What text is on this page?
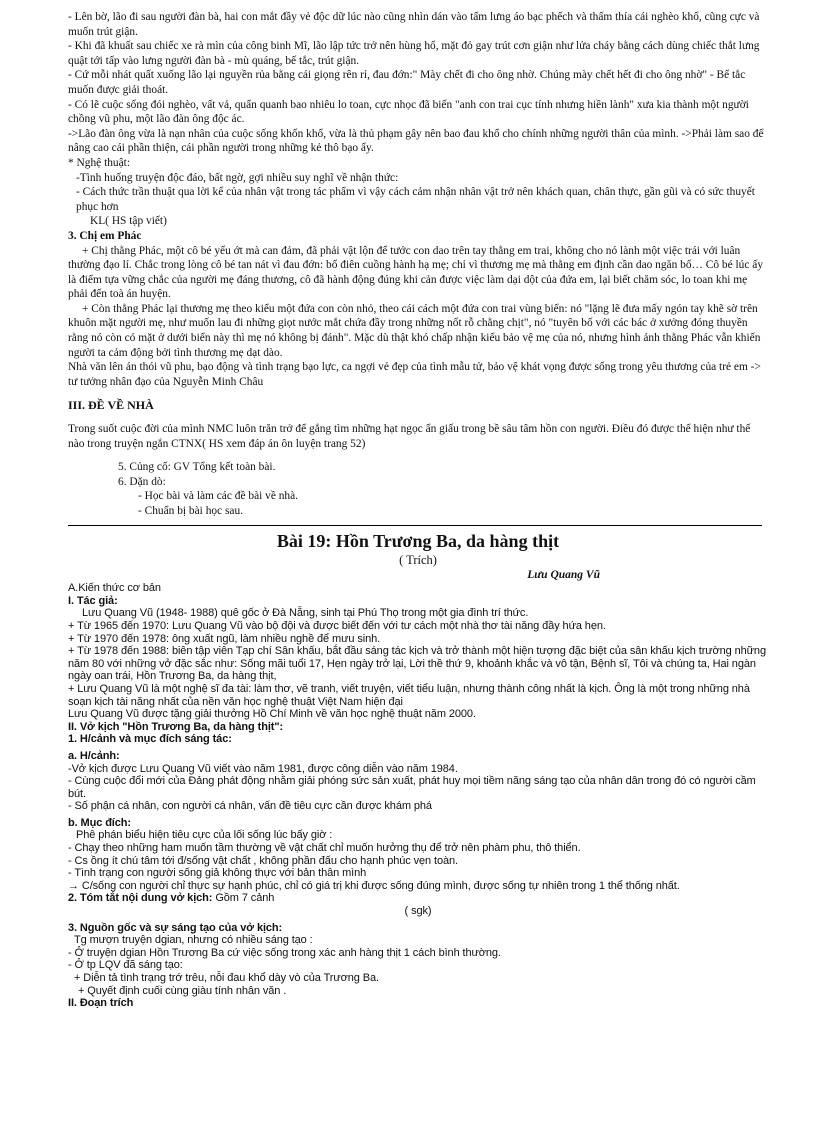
- Lên bờ, lão đi sau người đàn bà, hai con mắt đầy vẻ độc dữ lúc nào cũng nhìn dán vào tấm lưng áo bạc phếch và thấm thía cái nghèo khổ, cũng cực và muốn trút giận.

- Khi đã khuất sau chiếc xe rà mìn của công binh Mĩ, lão lập tức trở nên hùng hổ, mặt đỏ gay trút cơn giận như lửa cháy bằng cách dùng chiếc thắt lưng quật tới tấp vào lưng người đàn bà - mù quáng, bế tắc, trút giận.

- Cứ mỗi nhát quất xuống lão lại nguyền rủa bằng cái giọng rên rỉ, đau đớn:" Mày chết đi cho ông nhờ. Chúng mày chết hết đi cho ông nhờ" - Bế tắc muốn được giải thoát.

- Có lẽ cuộc sống đói nghèo, vất vả, quẩn quanh bao nhiêu lo toan, cực nhọc đã biến "anh con trai cục tính nhưng hiền lành" xưa kia thành một người chồng vũ phu, một lão đàn ông độc ác.

->Lão đàn ông vừa là nạn nhân của cuộc sống khốn khổ, vừa là thủ phạm gây nên bao đau khổ cho chính những người thân của mình. ->Phải làm sao để nâng cao cái phần thiện, cái phần người trong những kẻ thô bạo ấy.

* Nghệ thuật:

-Tình huống truyện độc đáo, bất ngờ, gợi nhiều suy nghĩ về nhận thức:

- Cách thức trần thuật qua lời kể của nhân vật trong tác phẩm vì vậy cách cảm nhận nhân vật trở nên khách quan, chân thực, gần gũi và có sức thuyết phục hơn

KL( HS tập viết)

3. Chị em Phác

+ Chị thằng Phác, một cô bé yếu ớt mà can đảm, đã phải vật lộn để tước con dao trên tay thằng em trai, không cho nó lành một việc trái với luân thường đạo lí. Chắc trong lòng cô bé tan nát vì đau đớn: bố điên cuồng hành hạ mẹ; chỉ vì thương mẹ mà thằng em định cần dao ngăn bố… Cô bé lúc ấy là điểm tựa vững chắc của người mẹ đáng thương, cô đã hành động đúng khi cản được việc làm dại dột của đứa em, lại biết chăm sóc, lo toan khi mẹ phải đến toà án huyện.

+ Còn thằng Phác lại thương mẹ theo kiểu một đứa con còn nhỏ, theo cái cách một đứa con trai vùng biển: nó "lặng lẽ đưa mấy ngón tay khẽ sờ trên khuôn mặt người mẹ, như muốn lau đi những giọt nước mắt chứa đầy trong những nốt rỗ chằng chịt", nó "tuyên bố với các bác ở xưởng đóng thuyền rằng nó còn có mặt ở dưới biển này thì mẹ nó không bị đánh". Mặc dù thật khó chấp nhận kiểu bảo vệ mẹ của nó, nhưng hình ảnh thằng Phác vẫn khiến người ta cảm động bởi tình thương mẹ dạt dào.

Nhà văn lên án thói vũ phu, bạo động và tình trạng bạo lực, ca ngợi vẻ đẹp của tình mẫu tử, bảo vệ khát vọng được sống trong yêu thương của trẻ em -> tư tưởng nhân đạo của Nguyễn Minh Châu

III. ĐỀ VỀ NHÀ

Trong suốt cuộc đời của mình NMC luôn trăn trở để gắng tìm những hạt ngọc ẩn giấu trong bề sâu tâm hồn con người. Điều đó được thể hiện như thế nào trong truyện ngắn CTNX( HS xem đáp án ôn luyện trang 52)

5. Củng cố: GV Tổng kết toàn bài.

6. Dặn dò:

- Học bài và làm các đề bài về nhà.

- Chuẩn bị bài học sau.

Bài 19: Hồn Trương Ba, da hàng thịt

( Trích)

Lưu Quang Vũ

A.Kiến thức cơ bản

I. Tác giả:

Lưu Quang Vũ (1948- 1988) quê gốc ở Đà Nẵng, sinh tại Phú Thọ trong một gia đình trí thức.

+ Từ 1965 đến 1970: Lưu Quang Vũ vào bộ đội và được biết đến với tư cách một nhà thơ tài năng đầy hứa hẹn.

+ Từ 1970 đến 1978: ông xuất ngũ, làm nhiều nghề để mưu sinh.

+ Từ 1978 đến 1988: biên tập viên Tạp chí Sân khấu, bắt đầu sáng tác kịch và trở thành một hiện tượng đặc biệt của sân khấu kịch trường những năm 80 với những vở đặc sắc như: Sống mãi tuổi 17, Hẹn ngày trở lại, Lời thề thứ 9, khoảnh khắc và vô tận, Bệnh sĩ, Tôi và chúng ta, Hai ngàn ngày oan trái, Hồn Trương Ba, da hàng thịt,

+ Lưu Quang Vũ là một nghệ sĩ đa tài: làm thơ, vẽ tranh, viết truyện, viết tiểu luận, nhưng thành công nhất là kịch. Ông là một trong những nhà soạn kịch tài năng nhất của nền văn học nghệ thuật Việt Nam hiện đại

Lưu Quang Vũ được tặng giải thưởng Hồ Chí Minh về văn học nghệ thuật năm 2000.

II. Vở kịch "Hồn Trương Ba, da hàng thịt":

1. H/cảnh và mục đích sáng tác:

a. H/cảnh:

-Vở kịch được Lưu Quang Vũ viết vào năm 1981, được công diễn vào năm 1984.

- Cùng cuộc đổi mới của Đảng phát động nhằm giải phóng sức sản xuất, phát huy mọi tiềm năng sáng tạo của nhân dân trong đó có người cầm bút.

- Số phận cá nhân, con người cá nhân, vấn đề tiêu cực cần được khám phá

b. Mục đích:

Phê phán biểu hiện tiêu cực của lối sống lúc bấy giờ :

- Chạy theo những ham muốn tầm thường về vật chất chỉ muốn hưởng thụ để trở nên phàm phu, thô thiển.

- Cs ồng ít chú tâm tới đ/sống vật chất , không phần đấu cho hạnh phúc vẹn toàn.

- Tình trạng con người sống giả không thực với bản thân mình

→ C/sống con người chỉ thực sự hạnh phúc, chỉ có giá trị khi được sống đúng mình, được sống tự nhiên trong 1 thể thống nhất.

2. Tóm tắt nội dung vở kịch: Gồm 7 cảnh

( sgk)

3. Nguồn gốc và sự sáng tạo của vở kịch:

Tg mượn truyện dgian, nhưng có nhiều sáng tạo :

- Ở truyện dgian Hồn Trương Ba cứ việc sống trong xác anh hàng thịt 1 cách bình thường.

- Ở tp LQV đã sáng tạo:

+ Diễn tả tình trạng trớ trêu, nỗi đau khổ dày vò của Trương Ba.

+ Quyết định cuối cùng giàu tính nhân văn .

II. Đoạn trích
